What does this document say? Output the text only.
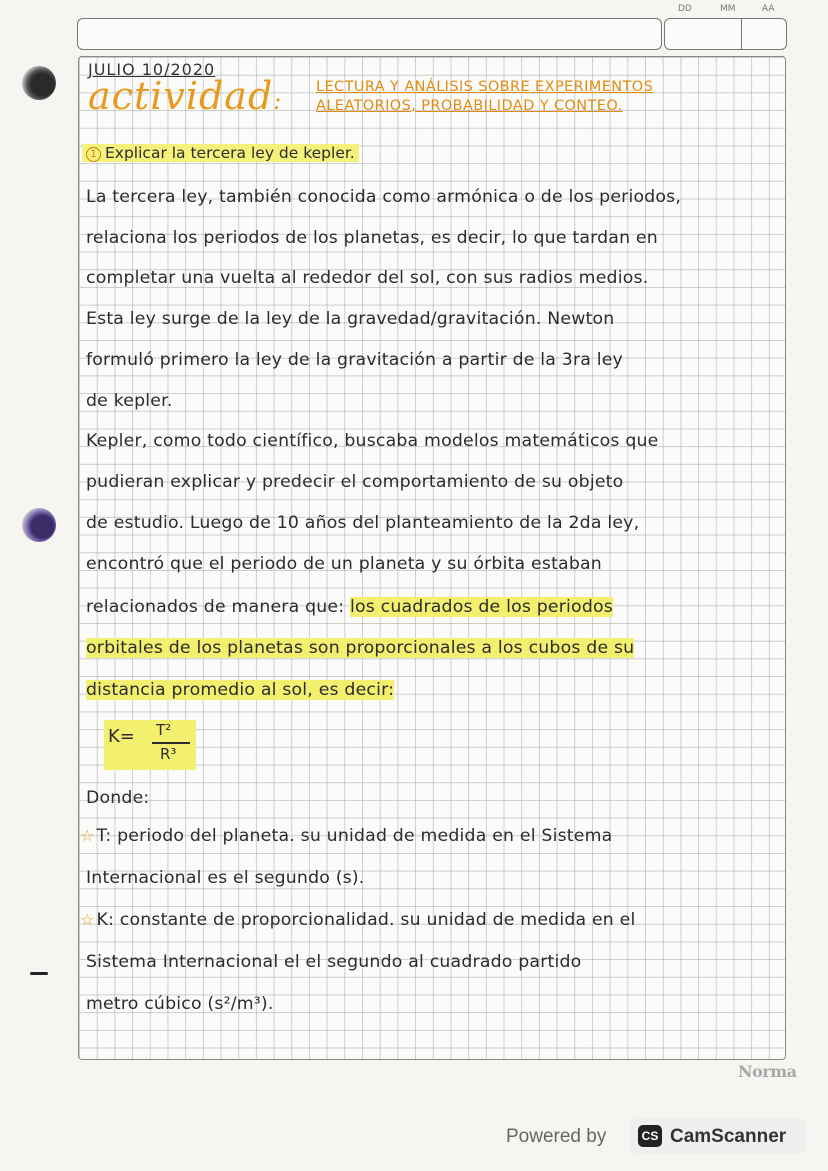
DD	MM	AA
JULIO 10/2020
actividad: LECTURA Y ANÁLISIS SOBRE EXPERIMENTOS
ALEATORIOS, PROBABILIDAD Y CONTEO.
1 Explicar la tercera ley de kepler.
La tercera ley, también conocida como armónica o de los periodos,
relaciona los periodos de los planetas, es decir, lo que tardan en
completar una vuelta al rededor del sol, con sus radios medios.
Esta ley surge de la ley de la gravedad/gravitación. Newton
formuló primero la ley de la gravitación a partir de la 3ra ley
de kepler.
Kepler, como todo científico, buscaba modelos matemáticos que
pudieran explicar y predecir el comportamiento de su objeto
de estudio. Luego de 10 años del planteamiento de la 2da ley,
encontró que el periodo de un planeta y su órbita estaban
relacionados de manera que: los cuadrados de los periodos
orbitales de los planetas son proporcionales a los cubos de su
distancia promedio al sol, es decir:
K= T²
R³
Donde:
☆ T: periodo del planeta. su unidad de medida en el Sistema
Internacional es el segundo (s).
☆ K: constante de proporcionalidad. su unidad de medida en el
Sistema Internacional el el segundo al cuadrado partido
metro cúbico (s²/m³).
Norma
Powered by	CS CamScanner
